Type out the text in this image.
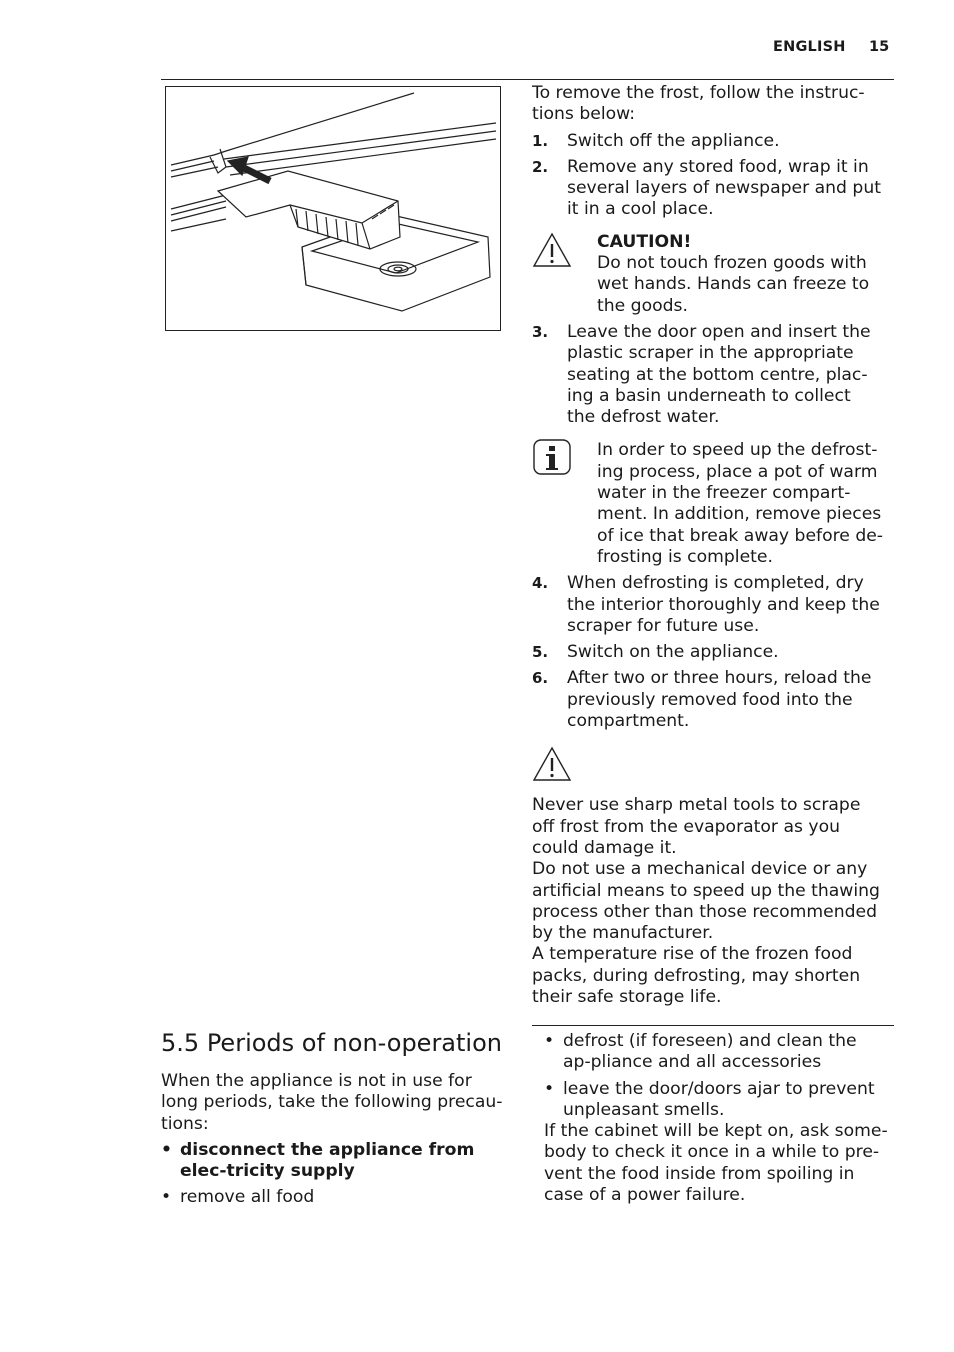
ENGLISH 15

To remove the frost, follow the instruc-tions below:

1. Switch off the appliance.
2. Remove any stored food, wrap it in several layers of newspaper and put it in a cool place.
CAUTION!
Do not touch frozen goods with wet hands. Hands can freeze to the goods.
3. Leave the door open and insert the plastic scraper in the appropriate seating at the bottom centre, plac-ing a basin underneath to collect the defrost water.
In order to speed up the defrost-ing process, place a pot of warm water in the freezer compart-ment. In addition, remove pieces of ice that break away before de-frosting is complete.
4. When defrosting is completed, dry the interior thoroughly and keep the scraper for future use.
5. Switch on the appliance.
6. After two or three hours, reload the previously removed food into the compartment.

Never use sharp metal tools to scrape off frost from the evaporator as you could damage it.

Do not use a mechanical device or any artificial means to speed up the thawing process other than those recommended by the manufacturer.

A temperature rise of the frozen food packs, during defrosting, may shorten their safe storage life.

5.5 Periods of non-operation

When the appliance is not in use for long periods, take the following precau-tions:

• disconnect the appliance from elec-tricity supply
• remove all food
• defrost (if foreseen) and clean the ap-pliance and all accessories
• leave the door/doors ajar to prevent unpleasant smells.

If the cabinet will be kept on, ask some-body to check it once in a while to pre-vent the food inside from spoiling in case of a power failure.
